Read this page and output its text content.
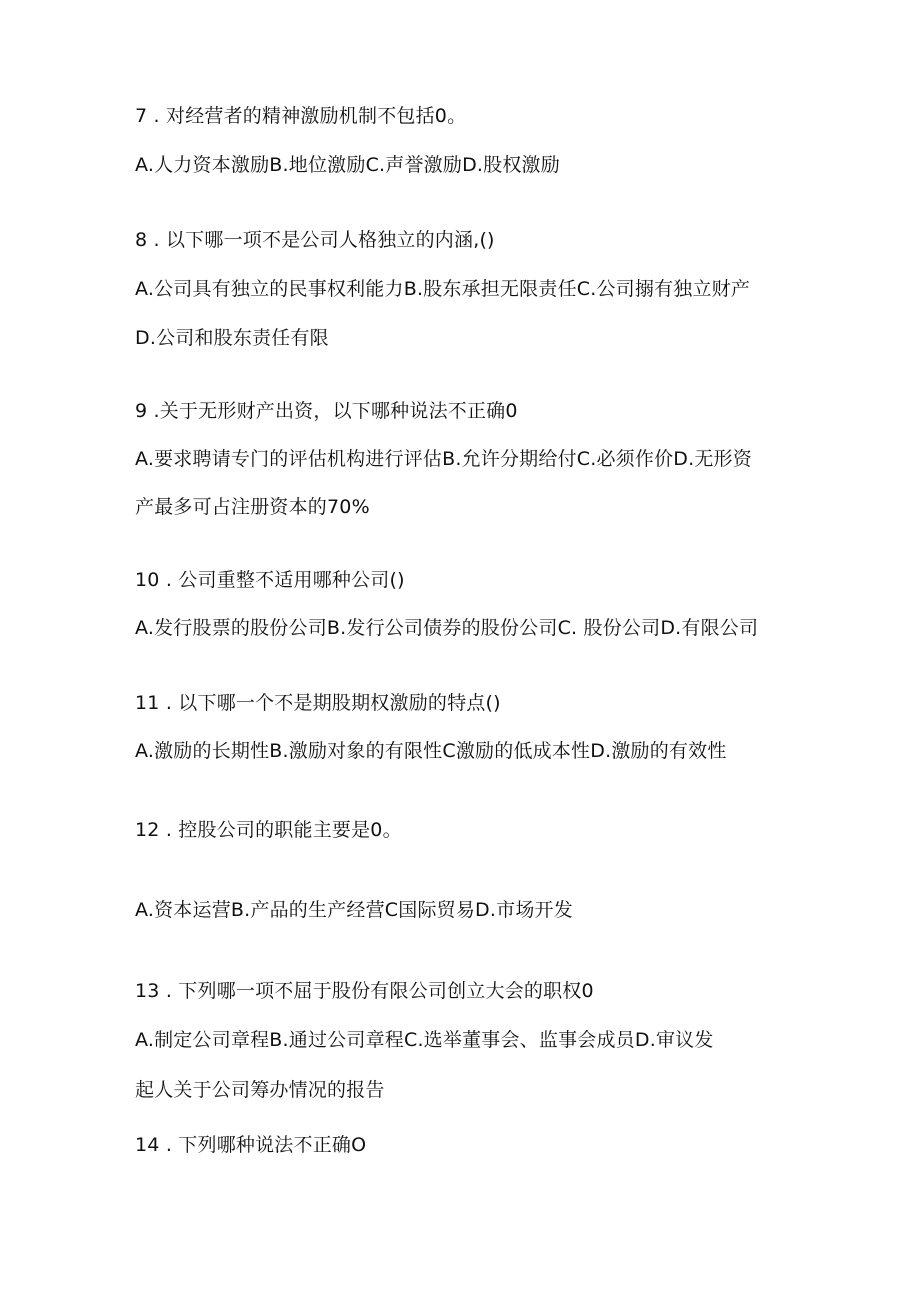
7 . 对经营者的精神激励机制不包括0。
A.人力资本激励B.地位激励C.声誉激励D.股权激励
8 . 以下哪一项不是公司人格独立的内涵,()
A.公司具有独立的民事权利能力B.股东承担无限责任C.公司搦有独立财产
D.公司和股东责任有限
9 .关于无形财产出资，以下哪种说法不正确0
A.要求聘请专门的评估机构进行评估B.允许分期给付C.必须作价D.无形资
产最多可占注册资本的70%
10 . 公司重整不适用哪种公司()
A.发行股票的股份公司B.发行公司债券的股份公司C. 股份公司D.有限公司
11 . 以下哪一个不是期股期权激励的特点()
A.激励的长期性B.激励对象的有限性C激励的低成本性D.激励的有效性
12 . 控股公司的职能主要是0。
A.资本运营B.产品的生产经营C国际贸易D.市场开发
13 . 下列哪一项不屈于股份有限公司创立大会的职权0
A.制定公司章程B.通过公司章程C.选举董事会、监事会成员D.审议发
起人关于公司筹办情况的报告
14 . 下列哪种说法不正确O
